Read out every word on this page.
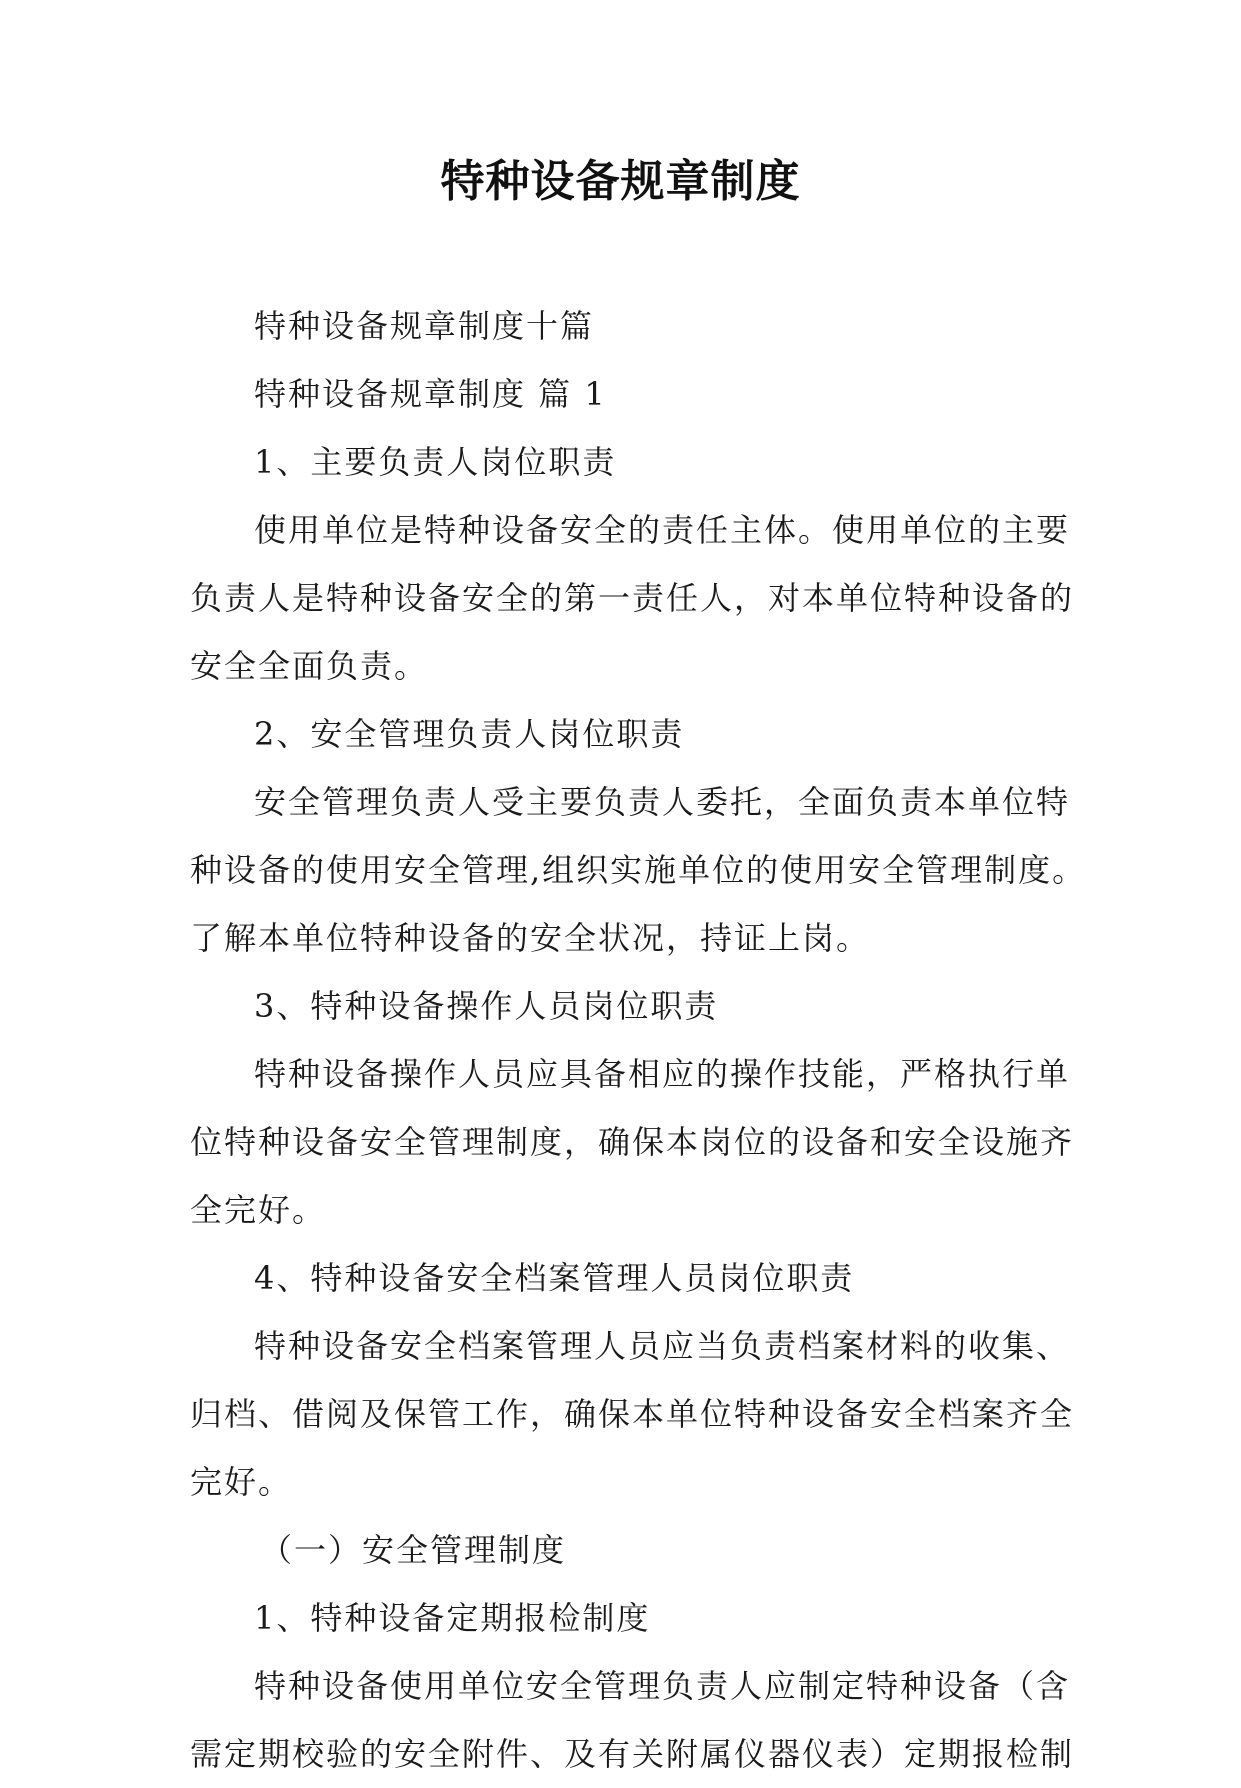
特种设备规章制度

特种设备规章制度十篇

特种设备规章制度 篇 1

1、主要负责人岗位职责

使用单位是特种设备安全的责任主体。使用单位的主要

负责人是特种设备安全的第一责任人，对本单位特种设备的

安全全面负责。

2、安全管理负责人岗位职责

安全管理负责人受主要负责人委托，全面负责本单位特

种设备的使用安全管理,组织实施单位的使用安全管理制度。

了解本单位特种设备的安全状况，持证上岗。

3、特种设备操作人员岗位职责

特种设备操作人员应具备相应的操作技能，严格执行单

位特种设备安全管理制度，确保本岗位的设备和安全设施齐

全完好。

4、特种设备安全档案管理人员岗位职责

特种设备安全档案管理人员应当负责档案材料的收集、

归档、借阅及保管工作，确保本单位特种设备安全档案齐全

完好。

（一）安全管理制度

1、特种设备定期报检制度

特种设备使用单位安全管理负责人应制定特种设备（含

需定期校验的安全附件、及有关附属仪器仪表）定期报检制
